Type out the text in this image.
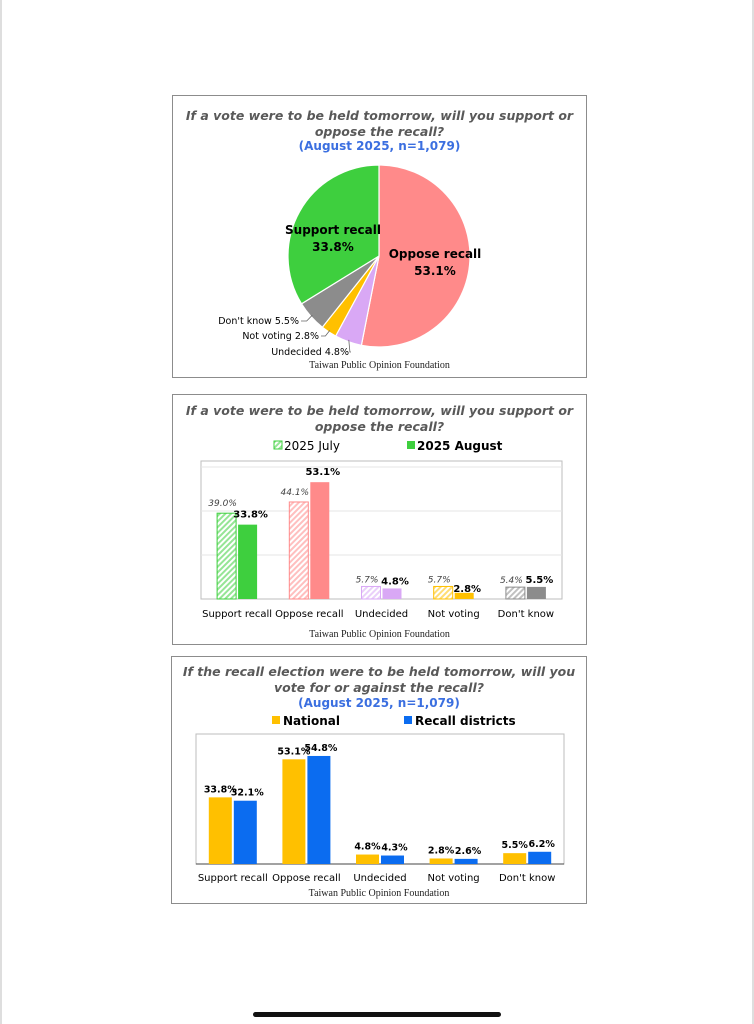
If a vote were to be held tomorrow, will you support or
oppose the recall?
(August 2025, n=1,079)
Oppose recall
53.1%
Support recall
33.8%
Don't know 5.5%
Not voting 2.8%
Undecided 4.8%
Taiwan Public Opinion Foundation
If a vote were to be held tomorrow, will you support or
oppose the recall?
2025 July	2025 August
39.0%
33.8%
Support recall
44.1%
53.1%
Oppose recall
5.7% 4.8%
Undecided
5.7%
2.8%
Not voting
5.4% 5.5%
Don't know
Taiwan Public Opinion Foundation
If the recall election were to be held tomorrow, will you
vote for or against the recall?
(August 2025, n=1,079)
National	Recall districts
33.8%
32.1%
Support recall
53.1%
54.8%
Oppose recall
4.8% 4.3%
Undecided
2.8% 2.6%
Not voting
5.5% 6.2%
Don't know
Taiwan Public Opinion Foundation
